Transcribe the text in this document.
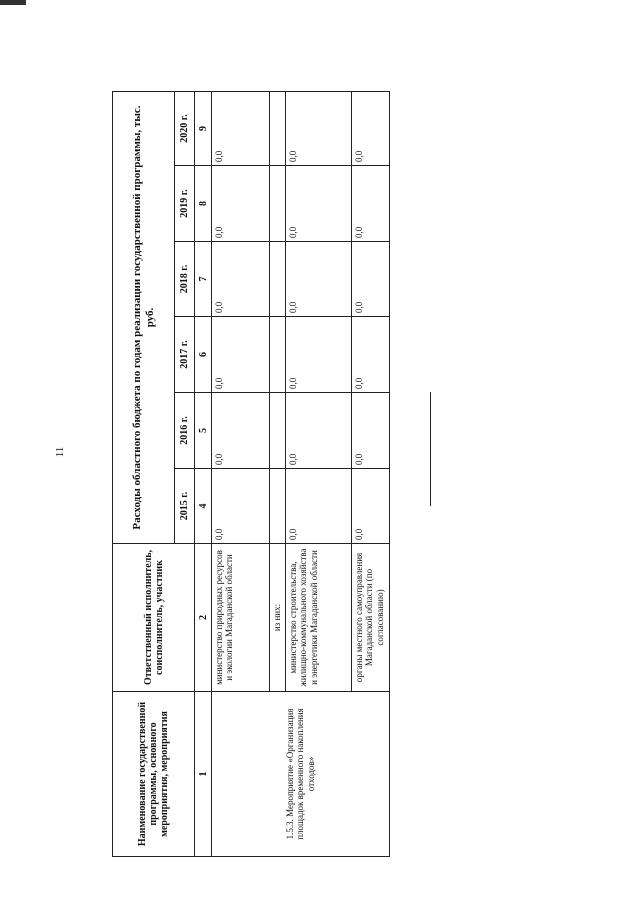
11
Наименование государственной программы, основного мероприятия, мероприятия	Ответственный исполнитель, соисполнитель, участник	Расходы областного бюджета по годам реализации государственной программы, тыс. руб.					
		2015 г.	2016 г.	2017 г.	2018 г.	2019 г.	2020 г.
1	2	4	5	6	7	8	9
1.5.3. Мероприятие «Организация площадок временного накопления отходов»	министерство природных ресурсов и экологии Магаданской области	0,0	0,0	0,0	0,0	0,0	0,0
	из них:						
	министерство строительства, жилищно-коммунального хозяйства и энергетики Магаданской области	0,0	0,0	0,0	0,0	0,0	0,0
	органы местного самоуправления Магаданской области (по согласованию)	0,0	0,0	0,0	0,0	0,0	0,0
